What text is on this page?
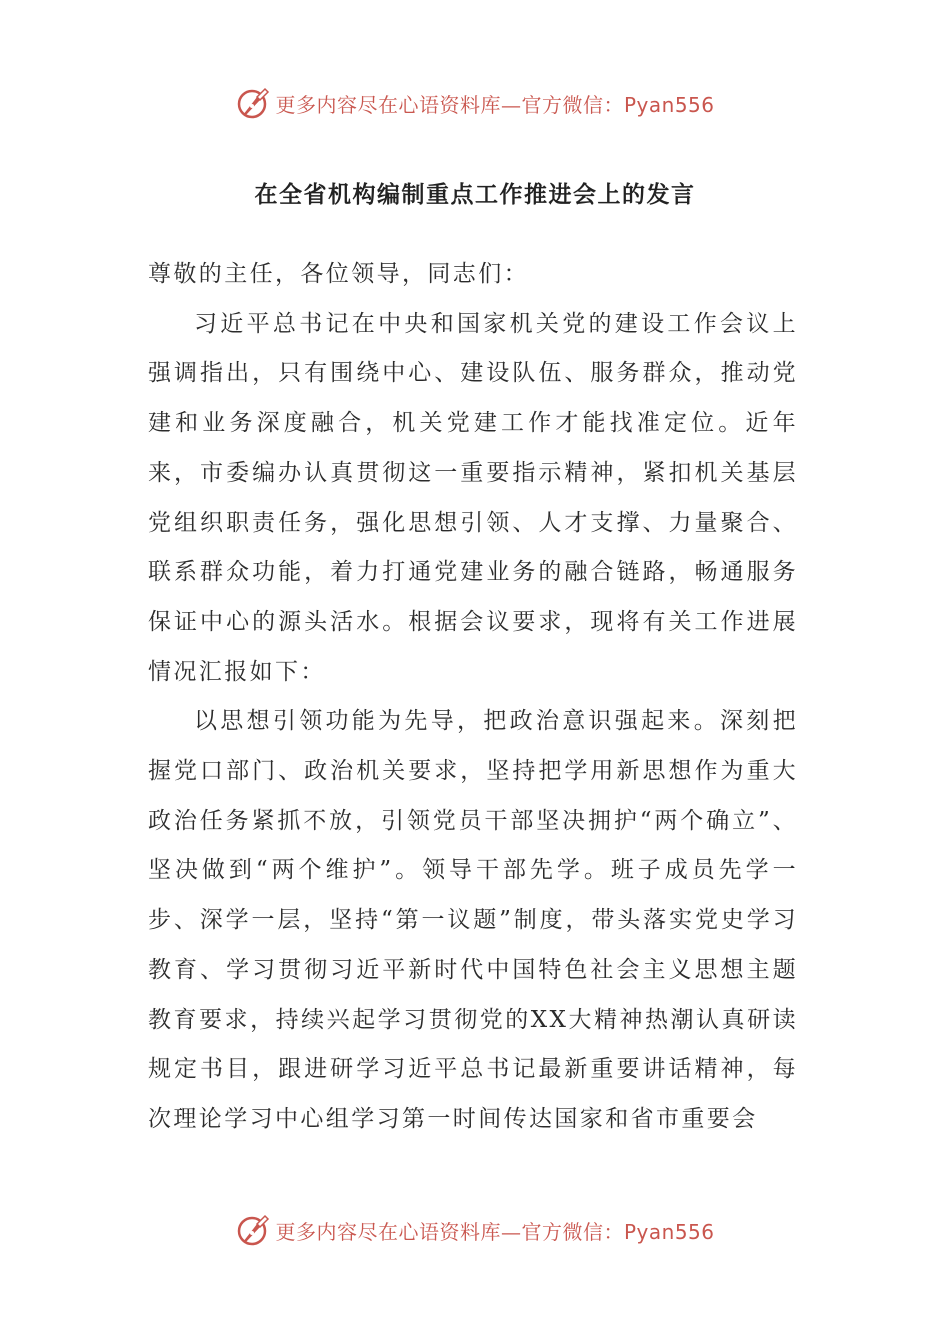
更多内容尽在心语资料库—官方微信：Pyan556
在全省机构编制重点工作推进会上的发言

尊敬的主任，各位领导，同志们：

习近平总书记在中央和国家机关党的建设工作会议上强调指出，只有围绕中心、建设队伍、服务群众，推动党建和业务深度融合，机关党建工作才能找准定位。近年来，市委编办认真贯彻这一重要指示精神，紧扣机关基层党组织职责任务，强化思想引领、人才支撑、力量聚合、联系群众功能，着力打通党建业务的融合链路，畅通服务保证中心的源头活水。根据会议要求，现将有关工作进展情况汇报如下：

以思想引领功能为先导，把政治意识强起来。深刻把握党口部门、政治机关要求，坚持把学用新思想作为重大政治任务紧抓不放，引领党员干部坚决拥护“两个确立”、坚决做到“两个维护”。领导干部先学。班子成员先学一步、深学一层，坚持“第一议题”制度，带头落实党史学习教育、学习贯彻习近平新时代中国特色社会主义思想主题教育要求，持续兴起学习贯彻党的XX大精神热潮认真研读规定书目，跟进研学习近平总书记最新重要讲话精神，每次理论学习中心组学习第一时间传达国家和省市重要会

更多内容尽在心语资料库—官方微信：Pyan556
